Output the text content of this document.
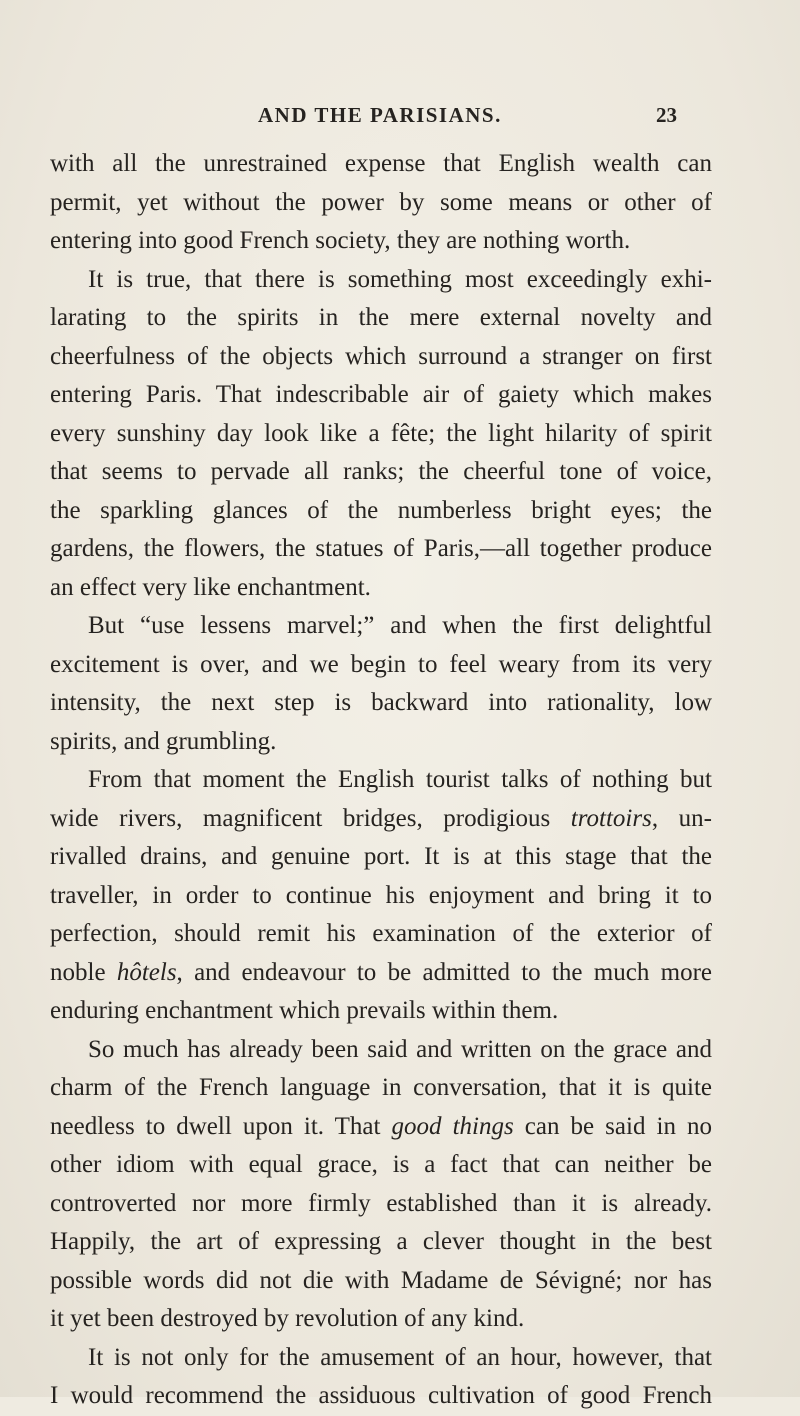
AND THE PARISIANS.	23
with all the unrestrained expense that English wealth can
permit, yet without the power by some means or other of
entering into good French society, they are nothing worth.
It is true, that there is something most exceedingly exhi-
larating to the spirits in the mere external novelty and
cheerfulness of the objects which surround a stranger on first
entering Paris. That indescribable air of gaiety which makes
every sunshiny day look like a fête; the light hilarity of spirit
that seems to pervade all ranks; the cheerful tone of voice,
the sparkling glances of the numberless bright eyes; the
gardens, the flowers, the statues of Paris,—all together produce
an effect very like enchantment.
But “use lessens marvel;” and when the first delightful
excitement is over, and we begin to feel weary from its very
intensity, the next step is backward into rationality, low
spirits, and grumbling.
From that moment the English tourist talks of nothing but
wide rivers, magnificent bridges, prodigious trottoirs, un-
rivalled drains, and genuine port. It is at this stage that the
traveller, in order to continue his enjoyment and bring it to
perfection, should remit his examination of the exterior of
noble hôtels, and endeavour to be admitted to the much more
enduring enchantment which prevails within them.
So much has already been said and written on the grace and
charm of the French language in conversation, that it is quite
needless to dwell upon it. That good things can be said in no
other idiom with equal grace, is a fact that can neither be
controverted nor more firmly established than it is already.
Happily, the art of expressing a clever thought in the best
possible words did not die with Madame de Sévigné; nor has
it yet been destroyed by revolution of any kind.
It is not only for the amusement of an hour, however, that
I would recommend the assiduous cultivation of good French
